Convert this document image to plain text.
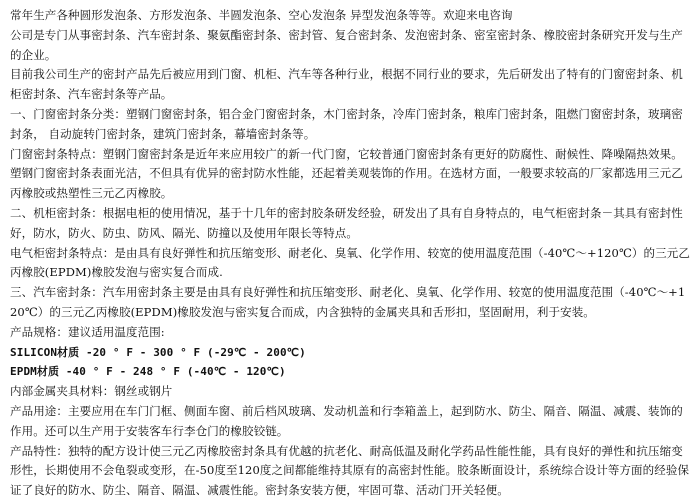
常年生产各种圆形发泡条、方形发泡条、半圆发泡条、空心发泡条 异型发泡条等等。欢迎来电咨询

公司是专门从事密封条、汽车密封条、聚氨酯密封条、密封管、复合密封条、发泡密封条、密室密封条、橡胶密封条研究开发与生产的企业。

目前我公司生产的密封产品先后被应用到门窗、机柜、汽车等各种行业，根据不同行业的要求，先后研发出了特有的门窗密封条、机柜密封条、汽车密封条等产品。

一、门窗密封条分类：塑钢门窗密封条，铝合金门窗密封条，木门密封条，冷库门密封条，粮库门密封条，阻燃门窗密封条，玻璃密封条， 自动旋转门密封条，建筑门密封条，幕墙密封条等。

门窗密封条特点：塑钢门窗密封条是近年来应用较广的新一代门窗，它较普通门窗密封条有更好的防腐性、耐候性、降噪隔热效果。塑钢门窗密封条表面光洁，不但具有优异的密封防水性能，还起着美观装饰的作用。在选材方面，一般要求较高的厂家都选用三元乙丙橡胶或热塑性三元乙丙橡胶。

二、机柜密封条：根据电柜的使用情况，基于十几年的密封胶条研发经验，研发出了具有自身特点的，电气柜密封条－其具有密封性好，防水，防火、防虫、防风、隔光、防撞以及使用年限长等特点。

电气柜密封条特点：是由具有良好弹性和抗压缩变形、耐老化、臭氧、化学作用、较宽的使用温度范围（-40℃～+120℃）的三元乙丙橡胶(EPDM)橡胶发泡与密实复合而成.

三、汽车密封条：汽车用密封条主要是由具有良好弹性和抗压缩变形、耐老化、臭氧、化学作用、较宽的使用温度范围（-40℃～+120℃）的三元乙丙橡胶(EPDM)橡胶发泡与密实复合而成，内含独特的金属夹具和舌形扣，坚固耐用，利于安装。

产品规格：建议适用温度范围:

SILICON材质 -20 ° F - 300 ° F (-29℃ - 200℃)

EPDM材质 -40 ° F - 248 ° F (-40℃ - 120℃)

内部金属夹具材料：钢丝或钢片

产品用途：主要应用在车门门框、侧面车窗、前后档风玻璃、发动机盖和行李箱盖上，起到防水、防尘、隔音、隔温、减震、装饰的作用。还可以生产用于安装客车行李仓门的橡胶铰链。

产品特性：独特的配方设计使三元乙丙橡胶密封条具有优越的抗老化、耐高低温及耐化学药品性能性能，具有良好的弹性和抗压缩变形性，长期使用不会龟裂或变形，在-50度至120度之间都能维持其原有的高密封性能。胶条断面设计，系统综合设计等方面的经验保证了良好的防水、防尘、隔音、隔温、减震性能。密封条安装方便，牢固可靠、活动门开关轻便。
